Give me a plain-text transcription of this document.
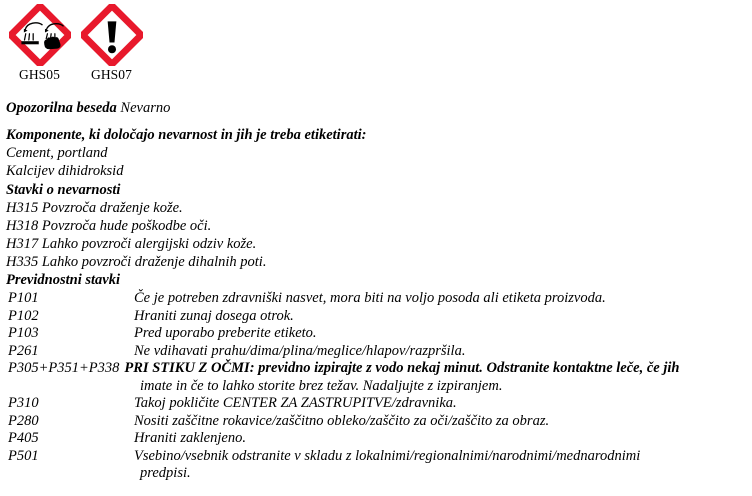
GHS05 GHS07
Opozorilna beseda Nevarno
Komponente, ki določajo nevarnost in jih je treba etiketirati:
Cement, portland
Kalcijev dihidroksid
Stavki o nevarnosti
H315 Povzroča draženje kože.
H318 Povzroča hude poškodbe oči.
H317 Lahko povzroči alergijski odziv kože.
H335 Lahko povzroči draženje dihalnih poti.
Previdnostni stavki
P101	Če je potreben zdravniški nasvet, mora biti na voljo posoda ali etiketa proizvoda.
P102	Hraniti zunaj dosega otrok.
P103	Pred uporabo preberite etiketo.
P261	Ne vdihavati prahu/dima/plina/meglice/hlapov/razpršila.
P305+P351+P338 PRI STIKU Z OČMI: previdno izpirajte z vodo nekaj minut. Odstranite kontaktne leče, če jih
imate in če to lahko storite brez težav. Nadaljujte z izpiranjem.
P310	Takoj pokličite CENTER ZA ZASTRUPITVE/zdravnika.
P280	Nositi zaščitne rokavice/zaščitno obleko/zaščito za oči/zaščito za obraz.
P405	Hraniti zaklenjeno.
P501	Vsebino/vsebnik odstranite v skladu z lokalnimi/regionalnimi/narodnimi/mednarodnimi
predpisi.
